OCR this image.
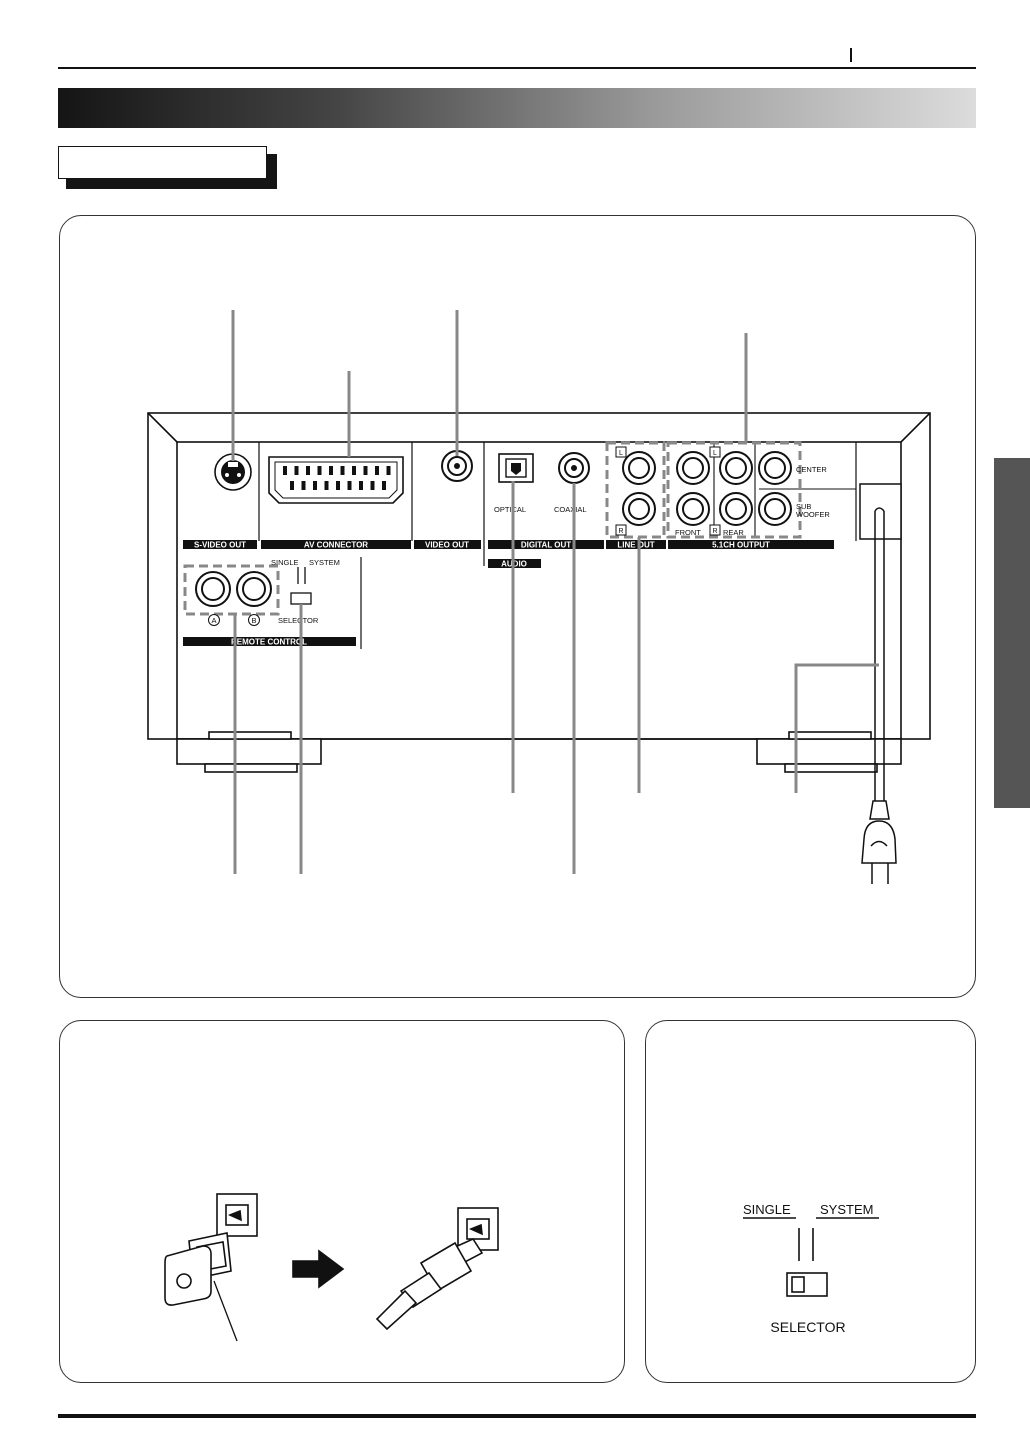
S-VIDEO OUT	AV CONNECTOR	VIDEO OUT	DIGITAL OUT	LINE OUT	5.1CH OUTPUT
AUDIO
REMOTE CONTROL
OPTICAL	COAXIAL
CENTER
SUB
WOOFER
FRONT	REAR
SINGLE SYSTEM
SELECTOR
L
R
L
R
A	B
SINGLE SYSTEM
SELECTOR
